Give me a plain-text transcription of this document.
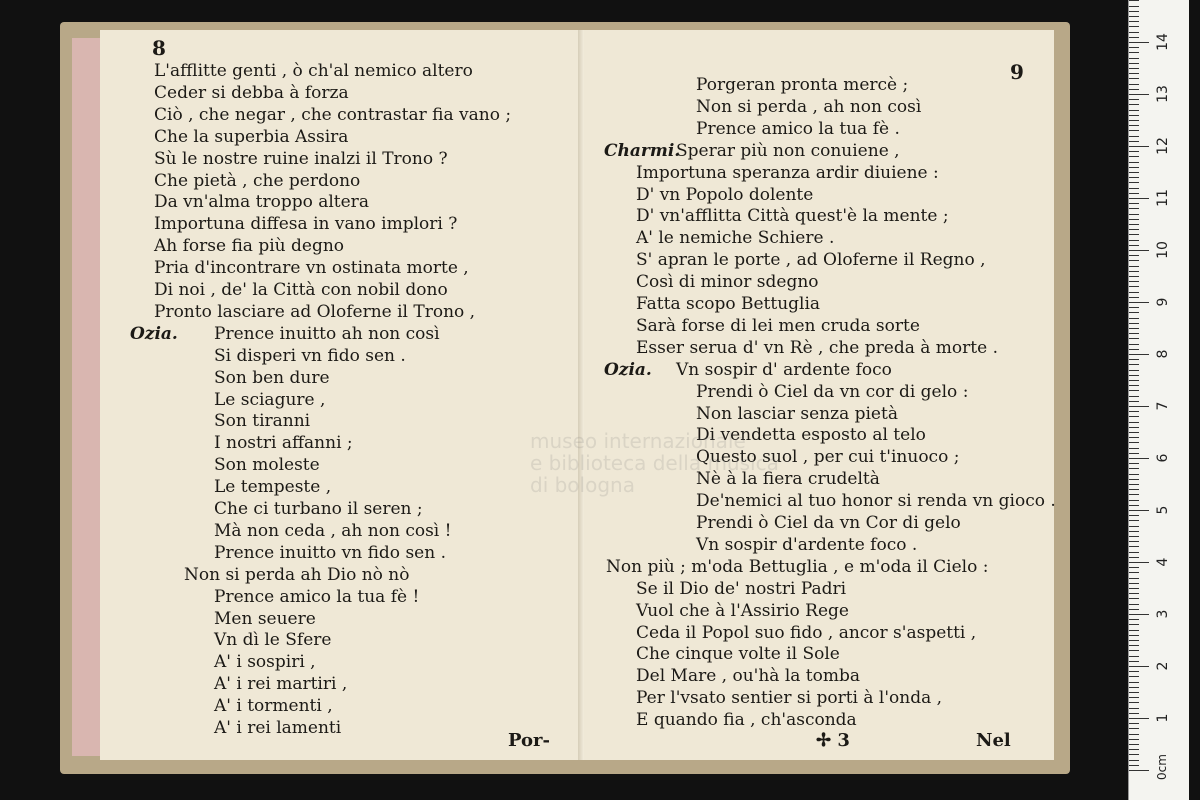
8
L'afflitte genti , ò ch'al nemico altero
Ceder si debba à forza
Ciò , che negar , che contrastar fia vano ;
Che la superbia Assira
Sù le nostre ruine inalzi il Trono ?
Che pietà , che perdono
Da vn'alma troppo altera
Importuna diffesa in vano implori ?
Ah forse fia più degno
Pria d'incontrare vn ostinata morte ,
Di noi , de' la Città con nobil dono
Pronto lasciare ad Oloferne il Trono ,
Ozia. Prence inuitto ah non così
Si disperi vn fido sen .
Son ben dure
Le sciagure ,
Son tiranni
I nostri affanni ;
Son moleste
Le tempeste ,
Che ci turbano il seren ;
Mà non ceda , ah non così !
Prence inuitto vn fido sen .
Non si perda ah Dio nò nò
Prence amico la tua fè !
Men seuere
Vn dì le Sfere
A' i sospiri ,
A' i rei martiri ,
A' i tormenti ,
A' i rei lamenti
Por-
9
Porgeran pronta mercè ;
Non si perda , ah non così
Prence amico la tua fè .
Charmi.
Sperar più non conuiene ,
Importuna speranza ardir diuiene :
D' vn Popolo dolente
D' vn'afflitta Città quest'è la mente ;
A' le nemiche Schiere .
S' apran le porte , ad Oloferne il Regno ,
Così di minor sdegno
Fatta scopo Bettuglia
Sarà forse di lei men cruda sorte
Esser serua d' vn Rè , che preda à morte .
Ozia. Vn sospir d' ardente foco
Prendi ò Ciel da vn cor di gelo :
Non lasciar senza pietà
Di vendetta esposto al telo
Questo suol , per cui t'inuoco ;
Nè à la fiera crudeltà
De'nemici al tuo honor si renda vn gioco .
Prendi ò Ciel da vn Cor di gelo
Vn sospir d'ardente foco .
Non più ; m'oda Bettuglia , e m'oda il Cielo :
Se il Dio de' nostri Padri
Vuol che à l'Assirio Rege
Ceda il Popol suo fido , ancor s'aspetti ,
Che cinque volte il Sole
Del Mare , ou'hà la tomba
Per l'vsato sentier si porti à l'onda ,
E quando fia , ch'asconda
✢ 3	Nel
museo internazionale
e biblioteca della musica
di bologna
0cm
1
2
3
4
5
6
7
8
9
10
11
12
13
14
